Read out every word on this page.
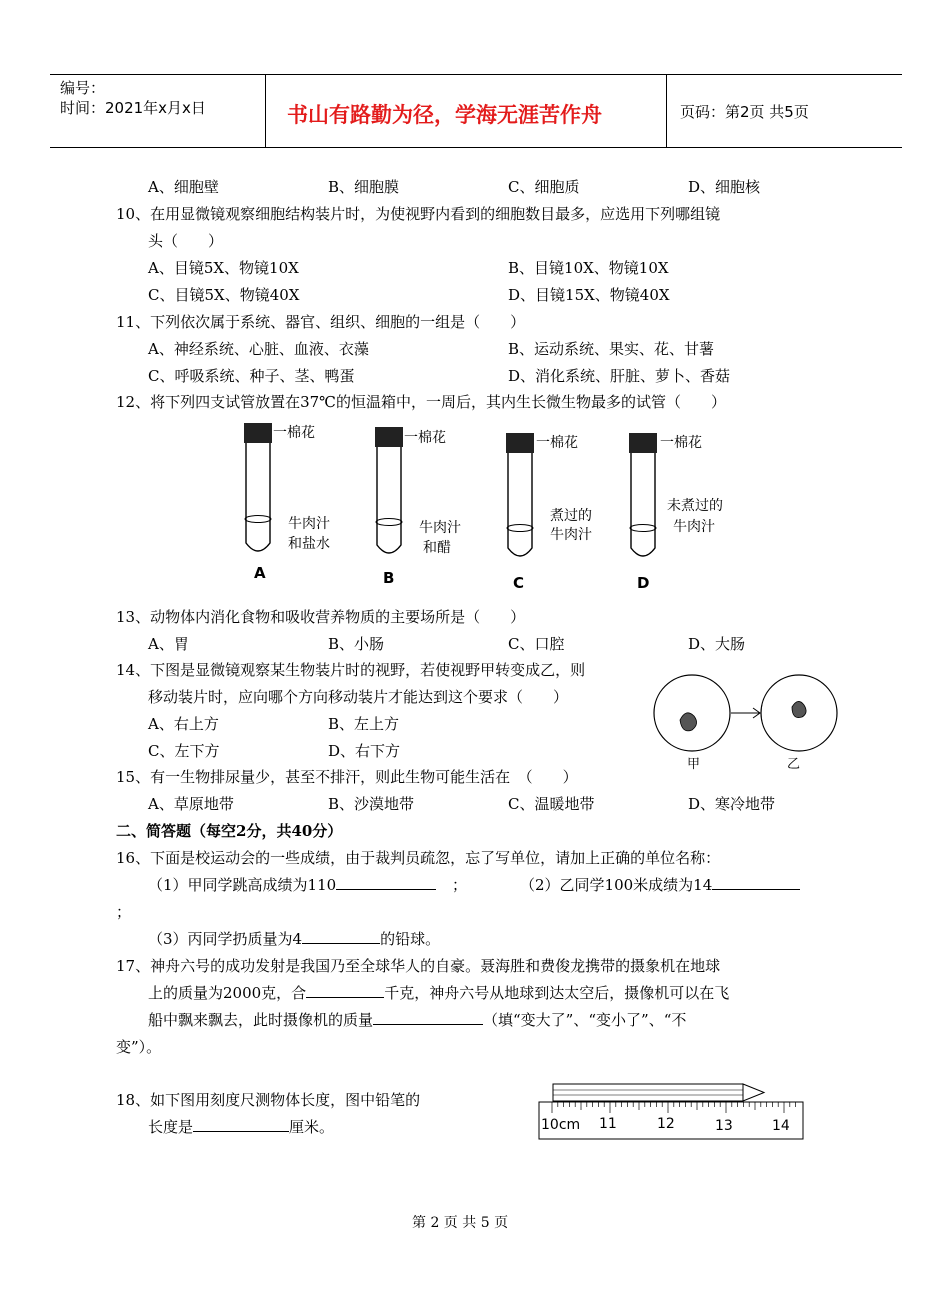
编号：
时间：2021年x月x日	书山有路勤为径，学海无涯苦作舟	页码：第2页 共5页
A、细胞壁	B、细胞膜	C、细胞质	D、细胞核
10、在用显微镜观察细胞结构装片时，为使视野内看到的细胞数目最多，应选用下列哪组镜
头（　　）
A、目镜5X、物镜10X	B、目镜10X、物镜10X
C、目镜5X、物镜40X	D、目镜15X、物镜40X
11、下列依次属于系统、器官、组织、细胞的一组是（　　）
A、神经系统、心脏、血液、衣藻	B、运动系统、果实、花、甘薯
C、呼吸系统、种子、茎、鸭蛋	D、消化系统、肝脏、萝卜、香菇
12、将下列四支试管放置在37℃的恒温箱中，一周后，其内生长微生物最多的试管（　　）
一棉花
牛肉汁
和盐水
A
一棉花
牛肉汁
和醋
B
一棉花
煮过的
牛肉汁
C
一棉花
未煮过的
牛肉汁
D
13、动物体内消化食物和吸收营养物质的主要场所是（　　）
A、胃	B、小肠	C、口腔	D、大肠
14、下图是显微镜观察某生物装片时的视野，若使视野甲转变成乙，则
移动装片时，应向哪个方向移动装片才能达到这个要求（　　）
A、右上方	B、左上方
C、左下方	D、右下方
甲	乙
15、有一生物排尿量少，甚至不排汗，则此生物可能生活在　（　　）
A、草原地带	B、沙漠地带	C、温暖地带	D、寒冷地带
二、简答题（每空2分，共40分）
16、下面是校运动会的一些成绩，由于裁判员疏忽，忘了写单位，请加上正确的单位名称：
（1）甲同学跳高成绩为110	；	（2）乙同学100米成绩为14
；
（3）丙同学扔质量为4	的铅球。
17、神舟六号的成功发射是我国乃至全球华人的自豪。聂海胜和费俊龙携带的摄象机在地球
上的质量为2000克，合	千克，神舟六号从地球到达太空后，摄像机可以在飞
船中飘来飘去，此时摄像机的质量	（填“变大了”、“变小了”、“不
变”）。
18、如下图用刻度尺测物体长度，图中铅笔的
长度是	厘米。	10cm 11	12	13	14
第 2 页 共 5 页
